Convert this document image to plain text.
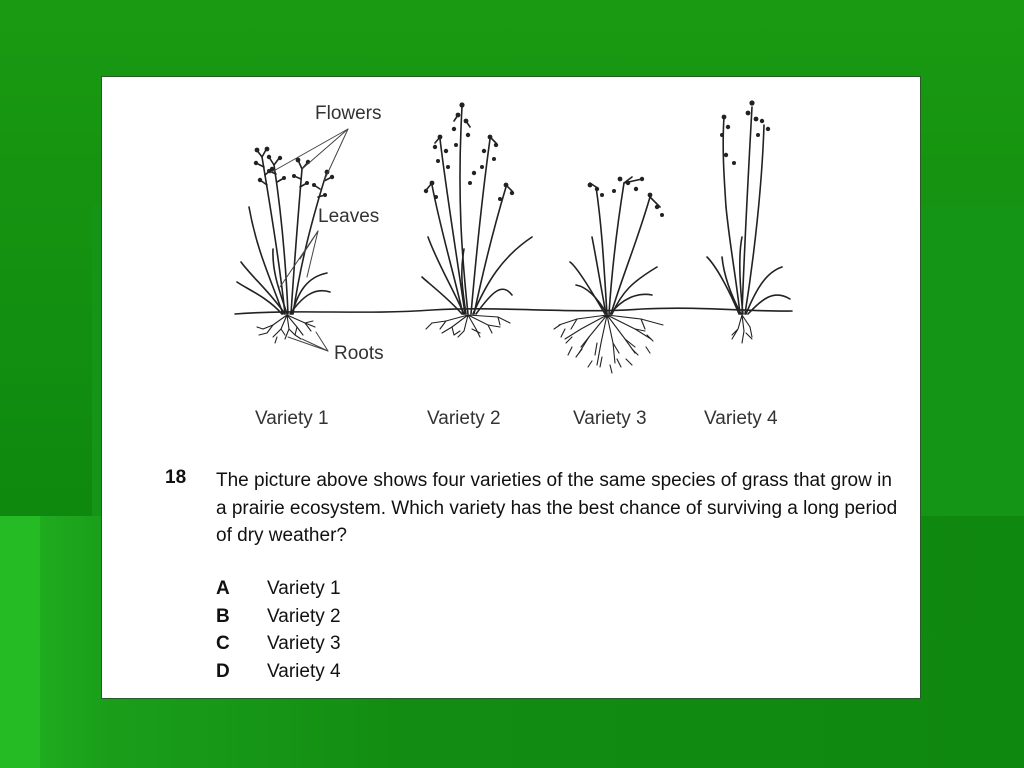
Flowers
Leaves
Roots
Variety 1	Variety 2	Variety 3	Variety 4
18 The picture above shows four varieties of the same species of grass that grow in a prairie ecosystem. Which variety has the best chance of surviving a long period of dry weather?
A Variety 1
B Variety 2
C Variety 3
D Variety 4
